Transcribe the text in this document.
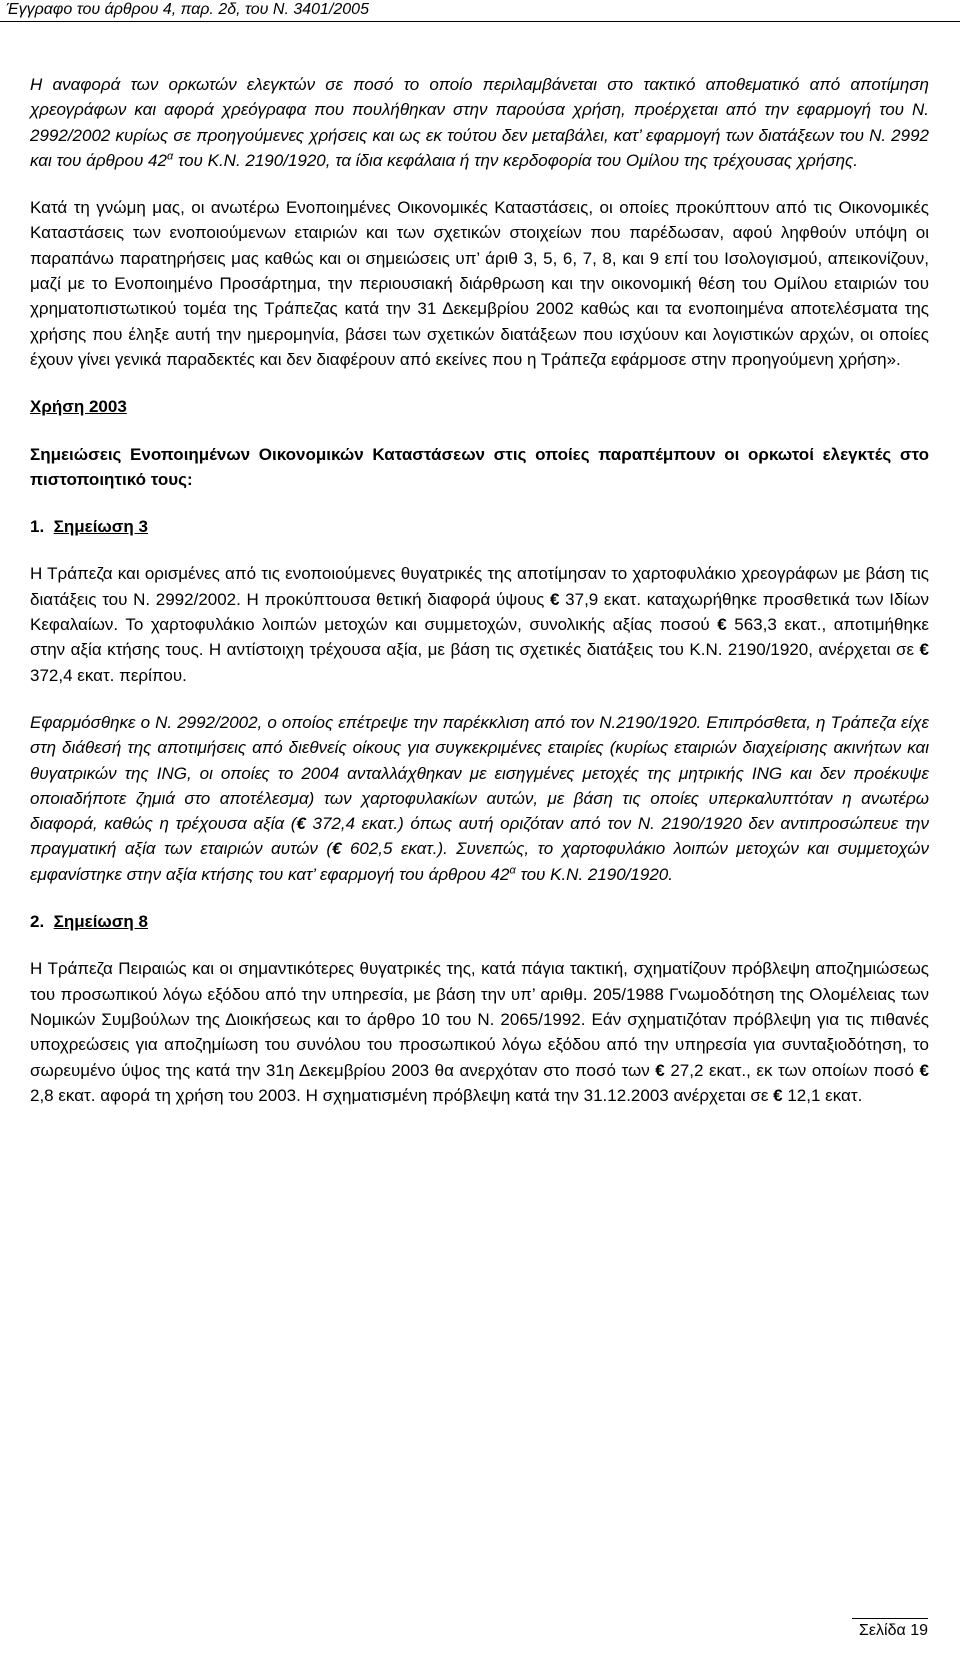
Έγγραφο του άρθρου 4, παρ. 2δ, του Ν. 3401/2005

Η αναφορά των ορκωτών ελεγκτών σε ποσό το οποίο περιλαμβάνεται στο τακτικό αποθεματικό από αποτίμηση χρεογράφων και αφορά χρεόγραφα που πουλήθηκαν στην παρούσα χρήση, προέρχεται από την εφαρμογή του Ν. 2992/2002 κυρίως σε προηγούμενες χρήσεις και ως εκ τούτου δεν μεταβάλει, κατ’ εφαρμογή των διατάξεων του Ν. 2992 και του άρθρου $42^\alpha$ του Κ.Ν. 2190/1920, τα ίδια κεφάλαια ή την κερδοφορία του Ομίλου της τρέχουσας χρήσης.

Κατά τη γνώμη μας, οι ανωτέρω Ενοποιημένες Οικονομικές Καταστάσεις, οι οποίες προκύπτουν από τις Οικονομικές Καταστάσεις των ενοποιούμενων εταιριών και των σχετικών στοιχείων που παρέδωσαν, αφού ληφθούν υπόψη οι παραπάνω παρατηρήσεις μας καθώς και οι σημειώσεις υπ’ άριθ 3, 5, 6, 7, 8, και 9 επί του Ισολογισμού, απεικονίζουν, μαζί με το Ενοποιημένο Προσάρτημα, την περιουσιακή διάρθρωση και την οικονομική θέση του Ομίλου εταιριών του χρηματοπιστωτικού τομέα της Τράπεζας κατά την 31 Δεκεμβρίου 2002 καθώς και τα ενοποιημένα αποτελέσματα της χρήσης που έληξε αυτή την ημερομηνία, βάσει των σχετικών διατάξεων που ισχύουν και λογιστικών αρχών, οι οποίες έχουν γίνει γενικά παραδεκτές και δεν διαφέρουν από εκείνες που η Τράπεζα εφάρμοσε στην προηγούμενη χρήση».

Χρήση 2003

Σημειώσεις Ενοποιημένων Οικονομικών Καταστάσεων στις οποίες παραπέμπουν οι ορκωτοί ελεγκτές στο πιστοποιητικό τους:

1. Σημείωση 3

Η Τράπεζα και ορισμένες από τις ενοποιούμενες θυγατρικές της αποτίμησαν το χαρτοφυλάκιο χρεογράφων με βάση τις διατάξεις του Ν. 2992/2002. Η προκύπτουσα θετική διαφορά ύψους € 37,9 εκατ. καταχωρήθηκε προσθετικά των Ιδίων Κεφαλαίων. Το χαρτοφυλάκιο λοιπών μετοχών και συμμετοχών, συνολικής αξίας ποσού € 563,3 εκατ., αποτιμήθηκε στην αξία κτήσης τους. Η αντίστοιχη τρέχουσα αξία, με βάση τις σχετικές διατάξεις του Κ.Ν. 2190/1920, ανέρχεται σε € 372,4 εκατ. περίπου.

Εφαρμόσθηκε ο Ν. 2992/2002, ο οποίος επέτρεψε την παρέκκλιση από τον Ν.2190/1920. Επιπρόσθετα, η Τράπεζα είχε στη διάθεσή της αποτιμήσεις από διεθνείς οίκους για συγκεκριμένες εταιρίες (κυρίως εταιριών διαχείρισης ακινήτων και θυγατρικών της ING, οι οποίες το 2004 ανταλλάχθηκαν με εισηγμένες μετοχές της μητρικής ING και δεν προέκυψε οποιαδήποτε ζημιά στο αποτέλεσμα) των χαρτοφυλακίων αυτών, με βάση τις οποίες υπερκαλυπτόταν η ανωτέρω διαφορά, καθώς η τρέχουσα αξία (€ 372,4 εκατ.) όπως αυτή οριζόταν από τον Ν. 2190/1920 δεν αντιπροσώπευε την πραγματική αξία των εταιριών αυτών (€ 602,5 εκατ.). Συνεπώς, το χαρτοφυλάκιο λοιπών μετοχών και συμμετοχών εμφανίστηκε στην αξία κτήσης του κατ’ εφαρμογή του άρθρου $42^\alpha$ του Κ.Ν. 2190/1920.

2. Σημείωση 8

Η Τράπεζα Πειραιώς και οι σημαντικότερες θυγατρικές της, κατά πάγια τακτική, σχηματίζουν πρόβλεψη αποζημιώσεως του προσωπικού λόγω εξόδου από την υπηρεσία, με βάση την υπ’ αριθμ. 205/1988 Γνωμοδότηση της Ολομέλειας των Νομικών Συμβούλων της Διοικήσεως και το άρθρο 10 του Ν. 2065/1992. Εάν σχηματιζόταν πρόβλεψη για τις πιθανές υποχρεώσεις για αποζημίωση του συνόλου του προσωπικού λόγω εξόδου από την υπηρεσία για συνταξιοδότηση, το σωρευμένο ύψος της κατά την 31η Δεκεμβρίου 2003 θα ανερχόταν στο ποσό των € 27,2 εκατ., εκ των οποίων ποσό € 2,8 εκατ. αφορά τη χρήση του 2003. Η σχηματισμένη πρόβλεψη κατά την 31.12.2003 ανέρχεται σε € 12,1 εκατ.

Σελίδα 19
